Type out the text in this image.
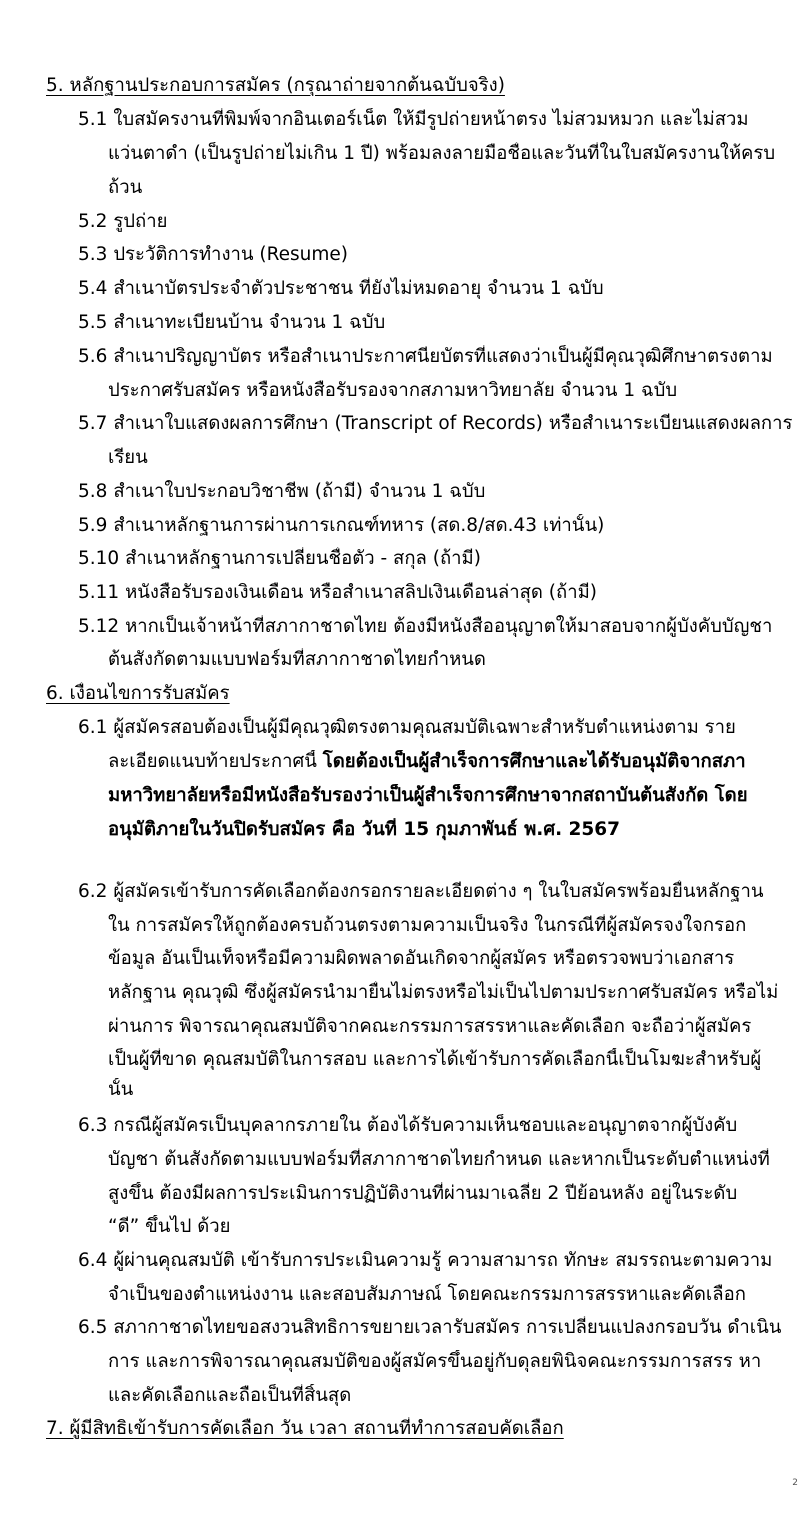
5. หลักฐานประกอบการสมัคร (กรุณาถ่ายจากต้นฉบับจริง)
5.1 ใบสมัครงานที่พิมพ์จากอินเตอร์เน็ต ให้มีรูปถ่ายหน้าตรง ไม่สวมหมวก และไม่สวม
แว่นตาดำ (เป็นรูปถ่ายไม่เกิน 1 ปี) พร้อมลงลายมือชื่อและวันที่ในใบสมัครงานให้ครบ
ถ้วน
5.2 รูปถ่าย
5.3 ประวัติการทำงาน (Resume)
5.4 สำเนาบัตรประจำตัวประชาชน ที่ยังไม่หมดอายุ จำนวน 1 ฉบับ
5.5 สำเนาทะเบียนบ้าน จำนวน 1 ฉบับ
5.6 สำเนาปริญญาบัตร หรือสำเนาประกาศนียบัตรที่แสดงว่าเป็นผู้มีคุณวุฒิศึกษาตรงตาม
ประกาศรับสมัคร หรือหนังสือรับรองจากสภามหาวิทยาลัย จำนวน 1 ฉบับ
5.7 สำเนาใบแสดงผลการศึกษา (Transcript of Records) หรือสำเนาระเบียนแสดงผลการ
เรียน
5.8 สำเนาใบประกอบวิชาชีพ (ถ้ามี) จำนวน 1 ฉบับ
5.9 สำเนาหลักฐานการผ่านการเกณฑ์ทหาร (สด.8/สด.43 เท่านั้น)
5.10 สำเนาหลักฐานการเปลี่ยนชื่อตัว - สกุล (ถ้ามี)
5.11 หนังสือรับรองเงินเดือน หรือสำเนาสลิปเงินเดือนล่าสุด (ถ้ามี)
5.12 หากเป็นเจ้าหน้าที่สภากาชาดไทย ต้องมีหนังสืออนุญาตให้มาสอบจากผู้บังคับบัญชา
ต้นสังกัดตามแบบฟอร์มที่สภากาชาดไทยกำหนด
6. เงื่อนไขการรับสมัคร
6.1 ผู้สมัครสอบต้องเป็นผู้มีคุณวุฒิตรงตามคุณสมบัติเฉพาะสำหรับตำแหน่งตาม ราย
ละเอียดแนบท้ายประกาศนี้ โดยต้องเป็นผู้สำเร็จการศึกษาและได้รับอนุมัติจากสภา
มหาวิทยาลัยหรือมีหนังสือรับรองว่าเป็นผู้สำเร็จการศึกษาจากสถาบันต้นสังกัด โดย
อนุมัติภายในวันปิดรับสมัคร คือ วันที่ 15 กุมภาพันธ์ พ.ศ. 2567
6.2 ผู้สมัครเข้ารับการคัดเลือกต้องกรอกรายละเอียดต่าง ๆ ในใบสมัครพร้อมยื่นหลักฐาน
ใน การสมัครให้ถูกต้องครบถ้วนตรงตามความเป็นจริง ในกรณีที่ผู้สมัครจงใจกรอก
ข้อมูล อันเป็นเท็จหรือมีความผิดพลาดอันเกิดจากผู้สมัคร หรือตรวจพบว่าเอกสาร
หลักฐาน คุณวุฒิ ซึ่งผู้สมัครนำมายื่นไม่ตรงหรือไม่เป็นไปตามประกาศรับสมัคร หรือไม่
ผ่านการ พิจารณาคุณสมบัติจากคณะกรรมการสรรหาและคัดเลือก จะถือว่าผู้สมัคร
เป็นผู้ที่ขาด คุณสมบัติในการสอบ และการได้เข้ารับการคัดเลือกนี้เป็นโมฆะสำหรับผู้
นั้น
6.3 กรณีผู้สมัครเป็นบุคลากรภายใน ต้องได้รับความเห็นชอบและอนุญาตจากผู้บังคับ
บัญชา ต้นสังกัดตามแบบฟอร์มที่สภากาชาดไทยกำหนด และหากเป็นระดับตำแหน่งที่
สูงขึ้น ต้องมีผลการประเมินการปฏิบัติงานที่ผ่านมาเฉลี่ย 2 ปีย้อนหลัง อยู่ในระดับ
“ดี” ขึ้นไป ด้วย
6.4 ผู้ผ่านคุณสมบัติ เข้ารับการประเมินความรู้ ความสามารถ ทักษะ สมรรถนะตามความ
จำเป็นของตำแหน่งงาน และสอบสัมภาษณ์ โดยคณะกรรมการสรรหาและคัดเลือก
6.5 สภากาชาดไทยขอสงวนสิทธิการขยายเวลารับสมัคร การเปลี่ยนแปลงกรอบวัน ดำเนิน
การ และการพิจารณาคุณสมบัติของผู้สมัครขึ้นอยู่กับดุลยพินิจคณะกรรมการสรร หา
และคัดเลือกและถือเป็นที่สิ้นสุด
7. ผู้มีสิทธิเข้ารับการคัดเลือก วัน เวลา สถานที่ทำการสอบคัดเลือก
2
